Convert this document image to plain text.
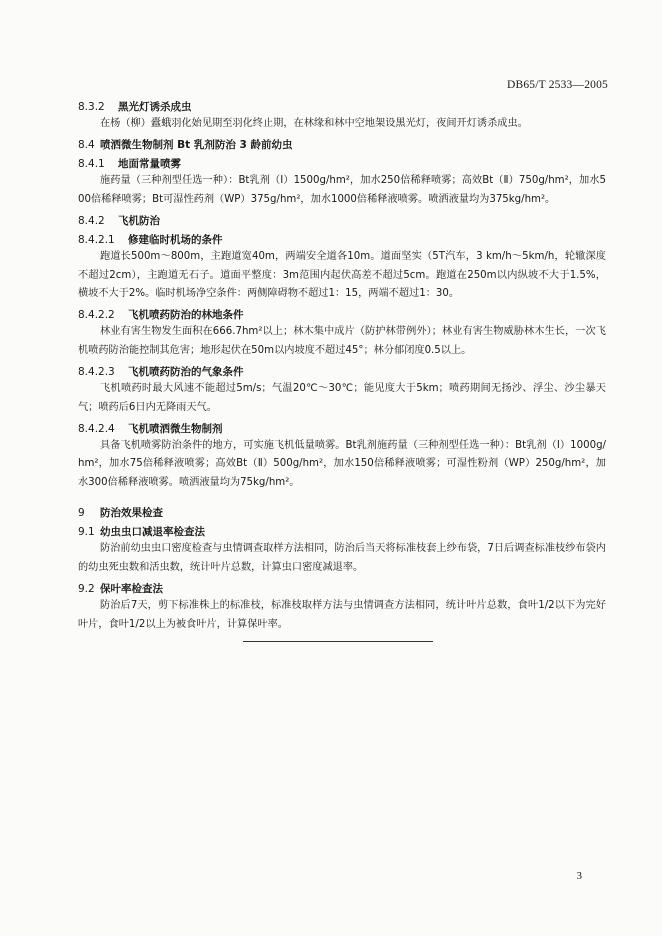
DB65/T 2533—2005
8.3.2 黑光灯诱杀成虫
在杨（柳）蠹蛾羽化始见期至羽化终止期，在林缘和林中空地架设黑光灯，夜间开灯诱杀成虫。
8.4 喷洒微生物制剂 Bt 乳剂防治 3 龄前幼虫
8.4.1 地面常量喷雾
施药量（三种剂型任选一种）：Bt乳剂（Ⅰ）1500g/hm²，加水250倍稀释喷雾；高效Bt（Ⅱ）750g/hm²，加水500倍稀释喷雾；Bt可湿性药剂（WP）375g/hm²，加水1000倍稀释液喷雾。喷洒液量均为375kg/hm²。
8.4.2 飞机防治
8.4.2.1 修建临时机场的条件
跑道长500m～800m，主跑道宽40m，两端安全道各10m。道面坚实（5T汽车，3 km/h～5km/h，轮辙深度不超过2cm），主跑道无石子。道面平整度：3m范围内起伏高差不超过5cm。跑道在250m以内纵坡不大于1.5%，横坡不大于2%。临时机场净空条件：两侧障碍物不超过1：15，两端不超过1：30。
8.4.2.2 飞机喷药防治的林地条件
林业有害生物发生面积在666.7hm²以上；林木集中成片（防护林带例外）；林业有害生物威胁林木生长，一次飞机喷药防治能控制其危害；地形起伏在50m以内坡度不超过45°；林分郁闭度0.5以上。
8.4.2.3 飞机喷药防治的气象条件
飞机喷药时最大风速不能超过5m/s；气温20℃～30℃；能见度大于5km；喷药期间无扬沙、浮尘、沙尘暴天气；喷药后6日内无降雨天气。
8.4.2.4 飞机喷洒微生物制剂
具备飞机喷雾防治条件的地方，可实施飞机低量喷雾。Bt乳剂施药量（三种剂型任选一种）：Bt乳剂（Ⅰ）1000g/hm²，加水75倍稀释液喷雾；高效Bt（Ⅱ）500g/hm²，加水150倍稀释液喷雾；可湿性粉剂（WP）250g/hm²，加水300倍稀释液喷雾。喷洒液量均为75kg/hm²。
9 防治效果检查
9.1 幼虫虫口减退率检查法
防治前幼虫虫口密度检查与虫情调查取样方法相同，防治后当天将标准枝套上纱布袋，7日后调查标准枝纱布袋内的幼虫死虫数和活虫数，统计叶片总数，计算虫口密度减退率。
9.2 保叶率检查法
防治后7天，剪下标准株上的标准枝，标准枝取样方法与虫情调查方法相同，统计叶片总数，食叶1/2以下为完好叶片，食叶1/2以上为被食叶片，计算保叶率。
3
